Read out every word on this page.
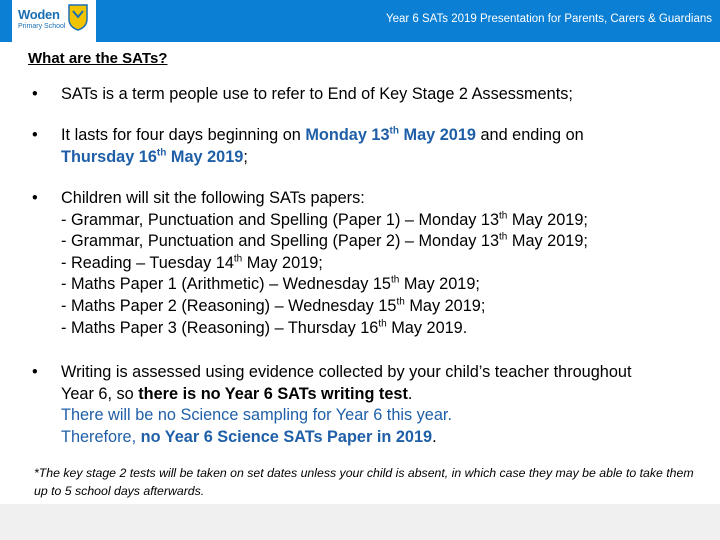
Woden
Primary School
Year 6 SATs 2019 Presentation for Parents, Carers & Guardians
What are the SATs?
•	SATs is a term people use to refer to End of Key Stage 2 Assessments;
•	It lasts for four days beginning on Monday 13th May 2019 and ending on
Thursday 16th May 2019;
•	Children will sit the following SATs papers:
- Grammar, Punctuation and Spelling (Paper 1) – Monday 13th May 2019;
- Grammar, Punctuation and Spelling (Paper 2) – Monday 13th May 2019;
- Reading – Tuesday 14th May 2019;
- Maths Paper 1 (Arithmetic) – Wednesday 15th May 2019;
- Maths Paper 2 (Reasoning) – Wednesday 15th May 2019;
- Maths Paper 3 (Reasoning) – Thursday 16th May 2019.
•	Writing is assessed using evidence collected by your child’s teacher throughout
Year 6, so there is no Year 6 SATs writing test.
There will be no Science sampling for Year 6 this year.
Therefore, no Year 6 Science SATs Paper in 2019.
*The key stage 2 tests will be taken on set dates unless your child is absent, in which case they may be able to take them up to 5 school days afterwards.
